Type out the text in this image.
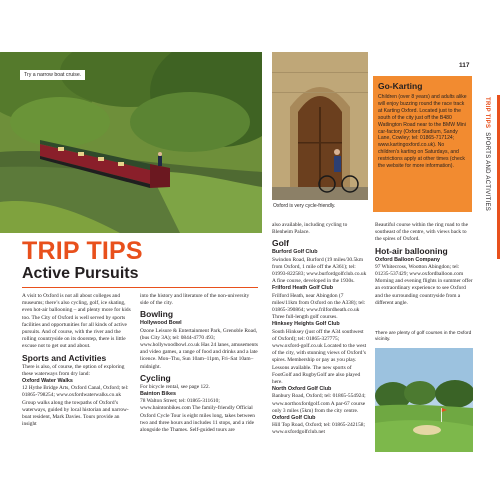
Try a narrow boat cruise.
Oxford is very cycle-friendly.
117
TRIP TIPS  SPORTS AND ACTIVITIES
Go-Karting

Children (over 8 years) and adults alike will enjoy buzzing round the race track at Karting Oxford. Located just to the south of the city just off the B480 Watlington Road near to the BMW Mini car-factory (Oxford Stadium, Sandy Lane, Cowley; tel: 01865-717124; www.kartingoxford.co.uk). No children’s karting on Saturdays, and restrictions apply at other times (check the website for more information).

TRIP TIPS
Active Pursuits

A visit to Oxford is not all about colleges and museums; there’s also cycling, golf, ice skating, even hot-air ballooning – and plenty more for kids too. The City of Oxford is well served by sports facilities and opportunities for all kinds of active pursuits. And of course, with the river and the rolling countryside on its doorstep, there is little excuse not to get out and about.

Sports and Activities

There is also, of course, the option of exploring these waterways from dry land:

Oxford Water Walks

12 Hythe Bridge Arts, Oxford Canal, Oxford; tel: 01865-798254; www.oxfordwaterwalks.co.uk Group walks along the towpaths of Oxford’s waterways, guided by local historian and narrow-boat resident, Mark Davies. Tours provide an insight

into the history and literature of the non-university side of the city.

Bowling

Hollywood Bowl

Ozone Leisure & Entertainment Park, Grenoble Road, (bus City 3A); tel: 0844-4770 493; www.hollywoodbowl.co.uk Has 24 lanes, amusements and video games, a range of food and drinks and a late licence. Mon–Thu, Sun 10am–11pm, Fri–Sat 10am–midnight.

Cycling

For bicycle rental, see page 122.

Bainton Bikes

78 Walton Street; tel: 01865-311610; www.baintonbikes.com The family-friendly Official Oxford Cycle Tour is eight miles long, takes between two and three hours and includes 11 stops, and a ride alongside the Thames. Self-guided tours are

also available, including cycling to Blenheim Palace.

Golf

Burford Golf Club

Swindon Road, Burford (19 miles/30.5km from Oxford, 1 mile off the A361); tel: 01993-822583; www.burfordgolfclub.co.uk A fine course, developed in the 1930s.

Frilford Heath Golf Club

Frilford Heath, near Abingdon (7 miles/11km from Oxford on the A338); tel: 01865-390864; www.frilfordheath.co.uk Three full-length golf courses.

Hinksey Heights Golf Club

South Hinksey (just off the A34 southwest of Oxford); tel: 01865-327775; www.oxford-golf.co.uk Located to the west of the city, with stunning views of Oxford’s spires. Membership or pay as you play. Lessons available. The new sports of FootGolf and RugbyGolf are also played here.

North Oxford Golf Club

Banbury Road, Oxford; tel: 01865-554924; www.northoxfordgolf.com A par-67 course only 3 miles (5km) from the city centre.

Oxford Golf Club

Hill Top Road, Oxford; tel: 01865-242158; www.oxfordgolfclub.net

Beautiful course within the ring road to the southeast of the centre, with views back to the spires of Oxford.

Hot-air ballooning

Oxford Balloon Company

97 Whitecross, Wootton Abingdon; tel: 01235-537429; www.oxfordballoon.com Morning and evening flights in summer offer an extraordinary experience to see Oxford and the surrounding countryside from a different angle.

There are plenty of golf courses in the Oxford vicinity.
